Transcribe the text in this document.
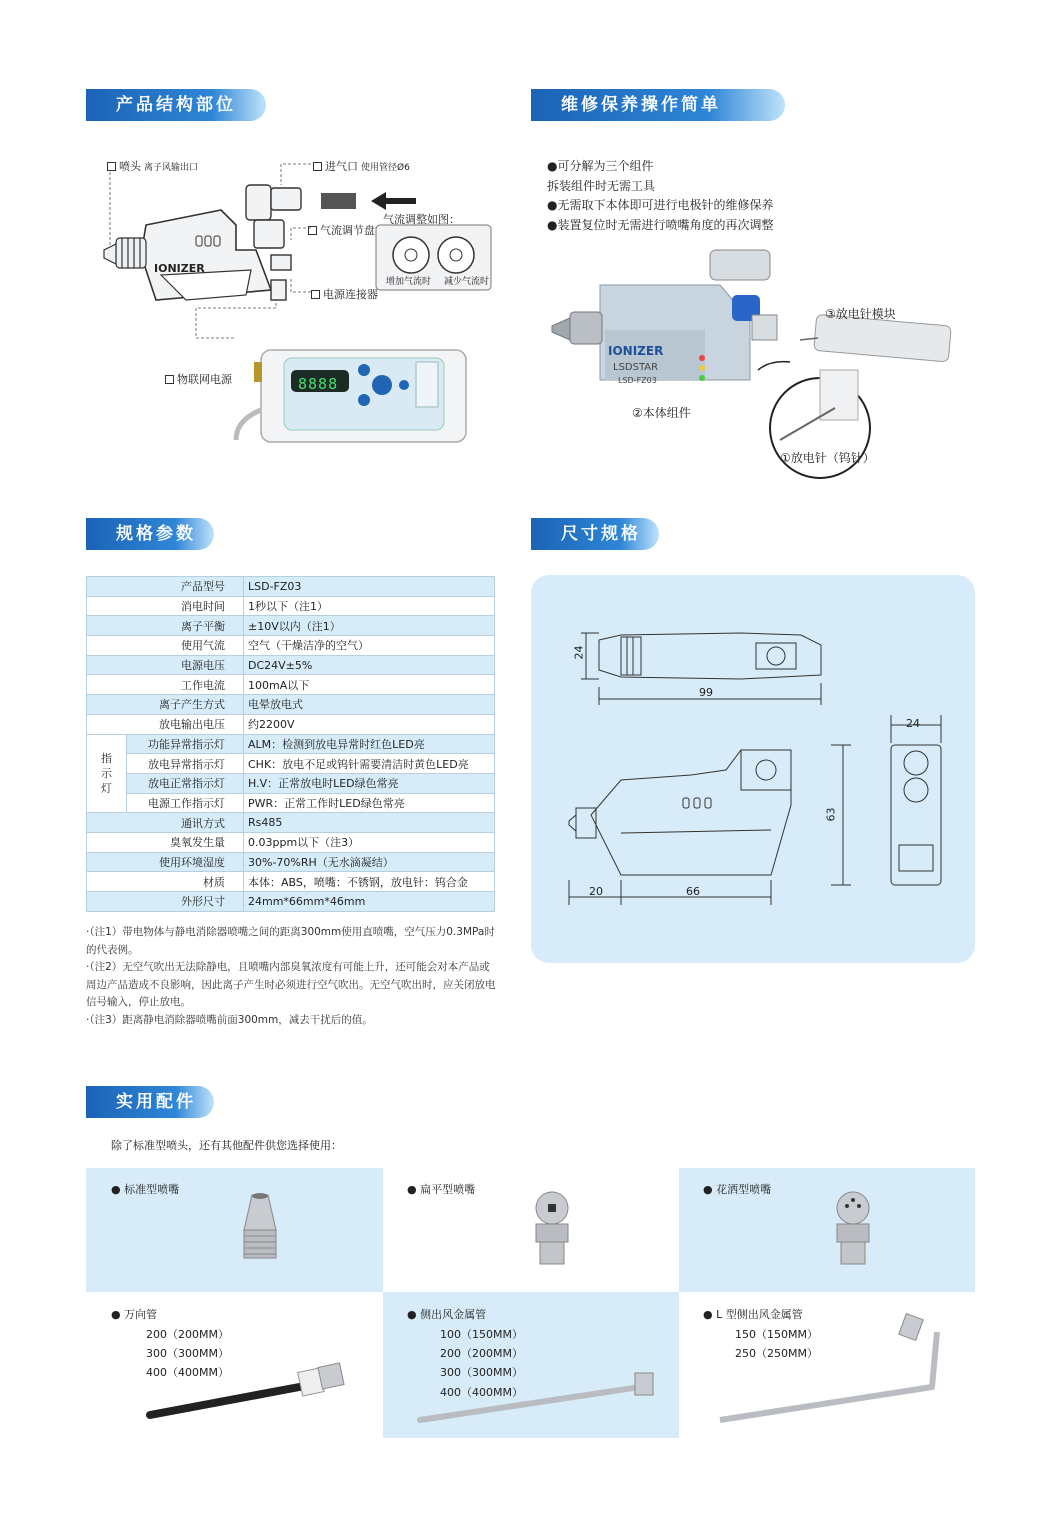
产品结构部位	维修保养操作简单
规格参数	尺寸规格
实用配件
IONIZER
喷头 离子风输出口	进气口 使用管径Ø6
气流调节盘
气流调整如图：
增加气流时 减少气流时
电源连接器
物联网电源	8888
●可分解为三个组件
拆装组件时无需工具
●无需取下本体即可进行电极针的维修保养
●装置复位时无需进行喷嘴角度的再次调整
IONIZER
LSDSTAR
LSD-FZ03
③放电针模块
②本体组件
①放电针（钨针）
产品型号		LSD-FZ03
消电时间		1秒以下（注1）
离子平衡		±10V以内（注1）
使用气流		空气（干燥洁净的空气）
电源电压		DC24V±5%
工作电流		100mA以下
离子产生方式		电晕放电式
放电输出电压		约2200V
指示灯	功能异常指示灯	ALM：检测到放电异常时红色LED亮
	放电异常指示灯	CHK：放电不足或钨针需要清洁时黄色LED亮
	放电正常指示灯	H.V：正常放电时LED绿色常亮
	电源工作指示灯	PWR：正常工作时LED绿色常亮
通讯方式		Rs485
臭氧发生量		0.03ppm以下（注3）
使用环境湿度		30%-70%RH（无水滴凝结）
材质		本体：ABS，喷嘴：不锈钢，放电针：钨合金
外形尺寸		24mm*66mm*46mm
·（注1）带电物体与静电消除器喷嘴之间的距离300mm使用直喷嘴，空气压力0.3MPa时的代表例。
·（注2）无空气吹出无法除静电，且喷嘴内部臭氧浓度有可能上升，还可能会对本产品或周边产品造成不良影响，因此离子产生时必须进行空气吹出。无空气吹出时，应关闭放电信号输入，停止放电。
·（注3）距离静电消除器喷嘴前面300mm，减去干扰后的值。
24
99
24
63
20	66
除了标准型喷头，还有其他配件供您选择使用：
● 标准型喷嘴	● 扁平型喷嘴	● 花洒型喷嘴
● 万向管	● 侧出风金属管	● L 型侧出风金属管
200（200MM）
300（300MM）
400（400MM）
100（150MM）
200（200MM）
300（300MM）
400（400MM）
150（150MM）
250（250MM）
